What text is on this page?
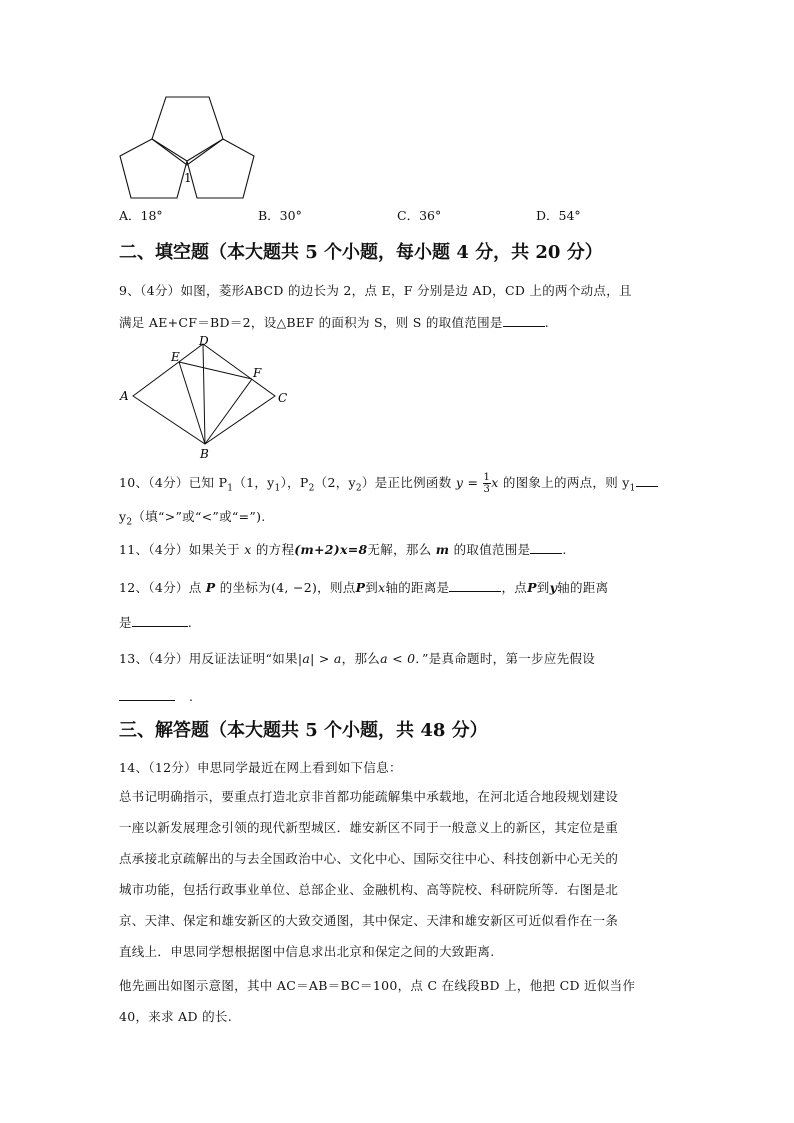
1
A．18°	B．30°	C．36°	D．54°
二、填空题（本大题共 5 个小题，每小题 4 分，共 20 分）
9、（4分）如图，菱形ABCD 的边长为 2，点 E，F 分别是边 AD，CD 上的两个动点，且
满足 AE+CF＝BD＝2，设△BEF 的面积为 S，则 S 的取值范围是	.
A
B
C
D
E
F
10、（4分）已知 $P_1(1$，$y_1$），$P_2(2$，$y_2$）是正比例函数 $y = \frac{1}{3}$ x 的图象上的两点，则 $y_1$
$y_2$（填“>”或“<”或“=”).
11、（4分）如果关于 x 的方程(m+2)x=8无解，那么 m 的取值范围是	.
12、（4分）点 P 的坐标为(4, −2)，则点P到x轴的距离是	，点P到y轴的距离
是	.
13、（4分）用反证法证明“如果|a| > a，那么a < 0．”是真命题时，第一步应先假设
.
三、解答题（本大题共 5 个小题，共 48 分）
14、（12分）申思同学最近在网上看到如下信息：
总书记明确指示，要重点打造北京非首都功能疏解集中承载地，在河北适合地段规划建设
一座以新发展理念引领的现代新型城区．雄安新区不同于一般意义上的新区，其定位是重
点承接北京疏解出的与去全国政治中心、文化中心、国际交往中心、科技创新中心无关的
城市功能，包括行政事业单位、总部企业、金融机构、高等院校、科研院所等．右图是北
京、天津、保定和雄安新区的大致交通图，其中保定、天津和雄安新区可近似看作在一条
直线上．申思同学想根据图中信息求出北京和保定之间的大致距离.
他先画出如图示意图，其中 AC＝AB＝BC＝100，点 C 在线段BD 上，他把 CD 近似当作
40，来求 AD 的长.
